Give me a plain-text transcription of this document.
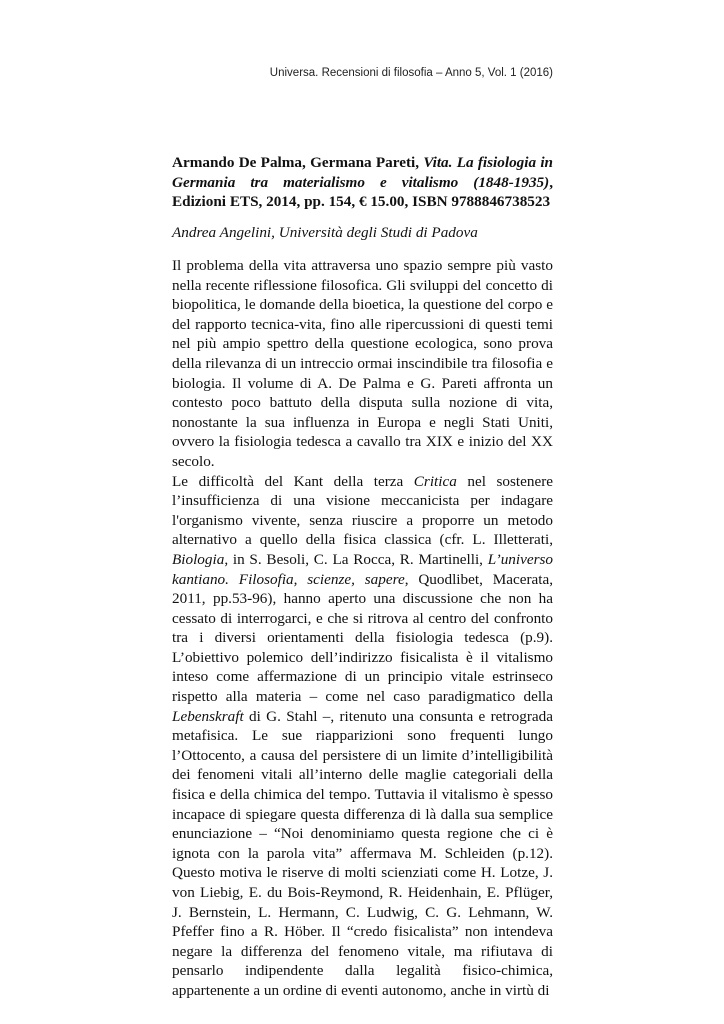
Universa. Recensioni di filosofia – Anno 5, Vol. 1 (2016)
Armando De Palma, Germana Pareti, Vita. La fisiologia in Germania tra materialismo e vitalismo (1848-1935), Edizioni ETS, 2014, pp. 154, € 15.00, ISBN 9788846738523
Andrea Angelini, Università degli Studi di Padova

Il problema della vita attraversa uno spazio sempre più vasto nella recente riflessione filosofica. Gli sviluppi del concetto di biopolitica, le domande della bioetica, la questione del corpo e del rapporto tecnica-vita, fino alle ripercussioni di questi temi nel più ampio spettro della questione ecologica, sono prova della rilevanza di un intreccio ormai inscindibile tra filosofia e biologia. Il volume di A. De Palma e G. Pareti affronta un contesto poco battuto della disputa sulla nozione di vita, nonostante la sua influenza in Europa e negli Stati Uniti, ovvero la fisiologia tedesca a cavallo tra XIX e inizio del XX secolo.

Le difficoltà del Kant della terza Critica nel sostenere l’insufficienza di una visione meccanicista per indagare l'organismo vivente, senza riuscire a proporre un metodo alternativo a quello della fisica classica (cfr. L. Illetterati, Biologia, in S. Besoli, C. La Rocca, R. Martinelli, L’universo kantiano. Filosofia, scienze, sapere, Quodlibet, Macerata, 2011, pp.53-96), hanno aperto una discussione che non ha cessato di interrogarci, e che si ritrova al centro del confronto tra i diversi orientamenti della fisiologia tedesca (p.9). L’obiettivo polemico dell’indirizzo fisicalista è il vitalismo inteso come affermazione di un principio vitale estrinseco rispetto alla materia – come nel caso paradigmatico della Lebenskraft di G. Stahl –, ritenuto una consunta e retrograda metafisica. Le sue riapparizioni sono frequenti lungo l’Ottocento, a causa del persistere di un limite d’intelligibilità dei fenomeni vitali all’interno delle maglie categoriali della fisica e della chimica del tempo. Tuttavia il vitalismo è spesso incapace di spiegare questa differenza di là dalla sua semplice enunciazione – “Noi denominiamo questa regione che ci è ignota con la parola vita” affermava M. Schleiden (p.12). Questo motiva le riserve di molti scienziati come H. Lotze, J. von Liebig, E. du Bois-Reymond, R. Heidenhain, E. Pflüger, J. Bernstein, L. Hermann, C. Ludwig, C. G. Lehmann, W. Pfeffer fino a R. Höber. Il “credo fisicalista” non intendeva negare la differenza del fenomeno vitale, ma rifiutava di pensarlo indipendente dalla legalità fisico-chimica, appartenente a un ordine di eventi autonomo, anche in virtù di
